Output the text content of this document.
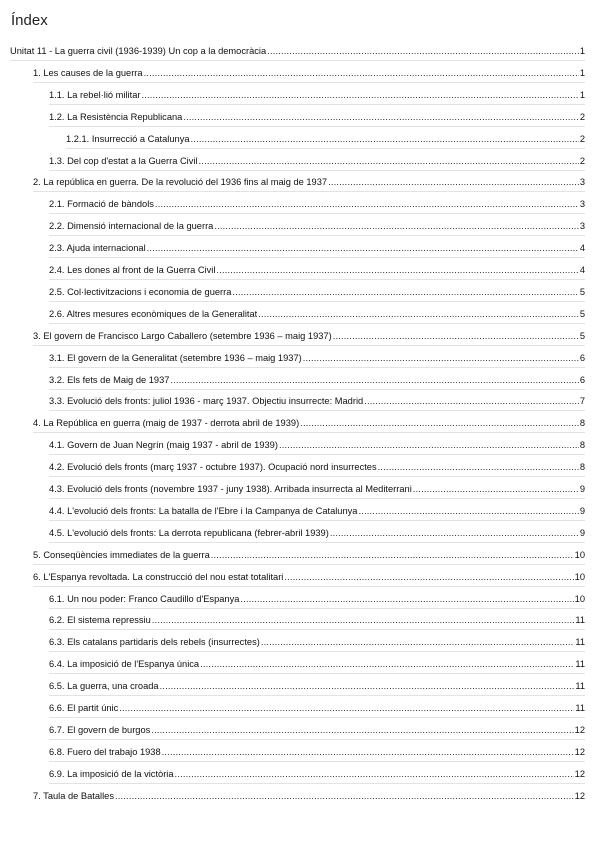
Índex
Unitat 11 - La guerra civil (1936-1939) Un cop a la democràcia . . .	1
1. Les causes de la guerra . . .	1
1.1. La rebel·lió militar . . .	1
1.2. La Resistència Republicana . . .	2
1.2.1. Insurrecció a Catalunya . . .	2
1.3. Del cop d'estat a la Guerra Civil . . .	2
2. La república en guerra. De la revolució del 1936 fins al maig de 1937 . . .	3
2.1. Formació de bàndols . . .	3
2.2. Dimensió internacional de la guerra . . .	3
2.3. Ajuda internacional . . .	4
2.4. Les dones al front de la Guerra Civil . . .	4
2.5. Col·lectivitzacions i economia de guerra . . .	5
2.6. Altres mesures econòmiques de la Generalitat . . .	5
3. El govern de Francisco Largo Caballero (setembre 1936 – maig 1937) . . .	5
3.1. El govern de la Generalitat (setembre 1936 – maig 1937) . . .	6
3.2. Els fets de Maig de 1937 . . .	6
3.3. Evolució dels fronts: juliol 1936 - març 1937. Objectiu insurrecte: Madrid . . .	7
4. La República en guerra (maig de 1937 - derrota abril de 1939) . . .	8
4.1. Govern de Juan Negrín (maig 1937 - abril de 1939) . . .	8
4.2. Evolució dels fronts (març 1937 - octubre 1937). Ocupació nord insurrectes . . .	8
4.3. Evolució dels fronts (novembre 1937 - juny 1938). Arribada insurrecta al Mediterrani . . .	9
4.4. L'evolució dels fronts: La batalla de l'Ebre i la Campanya de Catalunya . . .	9
4.5. L'evolució dels fronts: La derrota republicana (febrer-abril 1939) . . .	9
5. Conseqüències immediates de la guerra . . .	10
6. L'Espanya revoltada. La construcció del nou estat totalitari . . .	10
6.1. Un nou poder: Franco Caudillo d'Espanya . . .	10
6.2. El sistema repressiu . . .	11
6.3. Els catalans partidaris dels rebels (insurrectes) . . .	11
6.4. La imposició de l'Espanya única . . .	11
6.5. La guerra, una croada . . .	11
6.6. El partit únic . . .	11
6.7. El govern de burgos . . .	12
6.8. Fuero del trabajo 1938 . . .	12
6.9. La imposició de la victòria . . .	12
7. Taula de Batalles . . .	12
